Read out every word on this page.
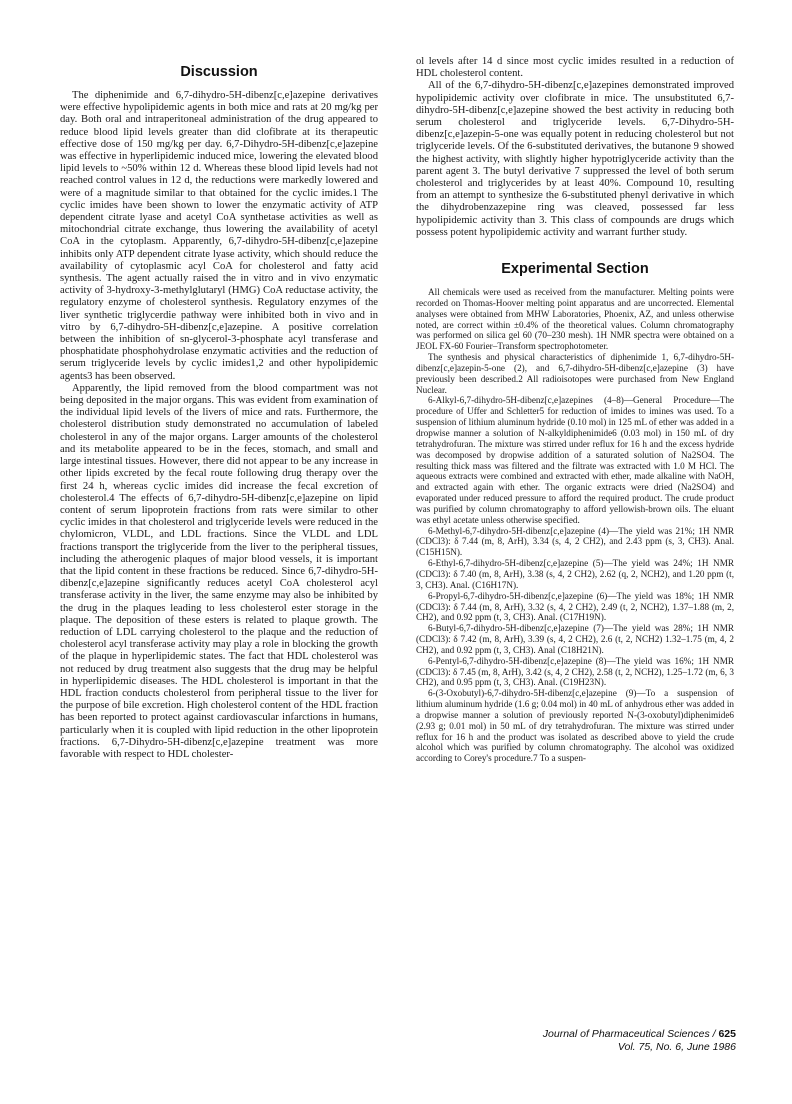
Discussion

The diphenimide and 6,7-dihydro-5H-dibenz[c,e]azepine derivatives were effective hypolipidemic agents in both mice and rats at 20 mg/kg per day. Both oral and intraperitoneal administration of the drug appeared to reduce blood lipid levels greater than did clofibrate at its therapeutic effective dose of 150 mg/kg per day. 6,7-Dihydro-5H-dibenz[c,e]azepine was effective in hyperlipidemic induced mice, lowering the elevated blood lipid levels to ~50% within 12 d. Whereas these blood lipid levels had not reached control values in 12 d, the reductions were markedly lowered and were of a magnitude similar to that obtained for the cyclic imides.1 The cyclic imides have been shown to lower the enzymatic activity of ATP dependent citrate lyase and acetyl CoA synthetase activities as well as mitochondrial citrate exchange, thus lowering the availability of acetyl CoA in the cytoplasm. Apparently, 6,7-dihydro-5H-dibenz[c,e]azepine inhibits only ATP dependent citrate lyase activity, which should reduce the availability of cytoplasmic acyl CoA for cholesterol and fatty acid synthesis. The agent actually raised the in vitro and in vivo enzymatic activity of 3-hydroxy-3-methylglutaryl (HMG) CoA reductase activity, the regulatory enzyme of cholesterol synthesis. Regulatory enzymes of the liver synthetic triglycerdie pathway were inhibited both in vivo and in vitro by 6,7-dihydro-5H-dibenz[c,e]azepine. A positive correlation between the inhibition of sn-glycerol-3-phosphate acyl transferase and phosphatidate phosphohydrolase enzymatic activities and the reduction of serum triglyceride levels by cyclic imides1,2 and other hypolipidemic agents3 has been observed.

Apparently, the lipid removed from the blood compartment was not being deposited in the major organs. This was evident from examination of the individual lipid levels of the livers of mice and rats. Furthermore, the cholesterol distribution study demonstrated no accumulation of labeled cholesterol in any of the major organs. Larger amounts of the cholesterol and its metabolite appeared to be in the feces, stomach, and small and large intestinal tissues. However, there did not appear to be any increase in other lipids excreted by the fecal route following drug therapy over the first 24 h, whereas cyclic imides did increase the fecal excretion of cholesterol.4 The effects of 6,7-dihydro-5H-dibenz[c,e]azepine on lipid content of serum lipoprotein fractions from rats were similar to other cyclic imides in that cholesterol and triglyceride levels were reduced in the chylomicron, VLDL, and LDL fractions. Since the VLDL and LDL fractions transport the triglyceride from the liver to the peripheral tissues, including the atherogenic plaques of major blood vessels, it is important that the lipid content in these fractions be reduced. Since 6,7-dihydro-5H-dibenz[c,e]azepine significantly reduces acetyl CoA cholesterol acyl transferase activity in the liver, the same enzyme may also be inhibited by the drug in the plaques leading to less cholesterol ester storage in the plaque. The deposition of these esters is related to plaque growth. The reduction of LDL carrying cholesterol to the plaque and the reduction of cholesterol acyl transferase activity may play a role in blocking the growth of the plaque in hyperlipidemic states. The fact that HDL cholesterol was not reduced by drug treatment also suggests that the drug may be helpful in hyperlipidemic diseases. The HDL cholesterol is important in that the HDL fraction conducts cholesterol from peripheral tissue to the liver for the purpose of bile excretion. High cholesterol content of the HDL fraction has been reported to protect against cardiovascular infarctions in humans, particularly when it is coupled with lipid reduction in the other lipoprotein fractions. 6,7-Dihydro-5H-dibenz[c,e]azepine treatment was more favorable with respect to HDL cholester-

ol levels after 14 d since most cyclic imides resulted in a reduction of HDL cholesterol content.

All of the 6,7-dihydro-5H-dibenz[c,e]azepines demonstrated improved hypolipidemic activity over clofibrate in mice. The unsubstituted 6,7-dihydro-5H-dibenz[c,e]azepine showed the best activity in reducing both serum cholesterol and triglyceride levels. 6,7-Dihydro-5H-dibenz[c,e]azepin-5-one was equally potent in reducing cholesterol but not triglyceride levels. Of the 6-substituted derivatives, the butanone 9 showed the highest activity, with slightly higher hypotriglyceride activity than the parent agent 3. The butyl derivative 7 suppressed the level of both serum cholesterol and triglycerides by at least 40%. Compound 10, resulting from an attempt to synthesize the 6-substituted phenyl derivative in which the dihydrobenzazepine ring was cleaved, possessed far less hypolipidemic activity than 3. This class of compounds are drugs which possess potent hypolipidemic activity and warrant further study.

Experimental Section

All chemicals were used as received from the manufacturer. Melting points were recorded on Thomas-Hoover melting point apparatus and are uncorrected. Elemental analyses were obtained from MHW Laboratories, Phoenix, AZ, and unless otherwise noted, are correct within ±0.4% of the theoretical values. Column chromatography was performed on silica gel 60 (70–230 mesh). 1H NMR spectra were obtained on a JEOL FX-60 Fourier–Transform spectrophotometer.

The synthesis and physical characteristics of diphenimide 1, 6,7-dihydro-5H-dibenz[c,e]azepin-5-one (2), and 6,7-dihydro-5H-dibenz[c,e]azepine (3) have previously been described.2 All radioisotopes were purchased from New England Nuclear.

6-Alkyl-6,7-dihydro-5H-dibenz[c,e]azepines (4–8)—General Procedure—The procedure of Uffer and Schletter5 for reduction of imides to imines was used. To a suspension of lithium aluminum hydride (0.10 mol) in 125 mL of ether was added in a dropwise manner a solution of N-alkyldiphenimide6 (0.03 mol) in 150 mL of dry tetrahydrofuran. The mixture was stirred under reflux for 16 h and the excess hydride was decomposed by dropwise addition of a saturated solution of Na2SO4. The resulting thick mass was filtered and the filtrate was extracted with 1.0 M HCl. The aqueous extracts were combined and extracted with ether, made alkaline with NaOH, and extracted again with ether. The organic extracts were dried (Na2SO4) and evaporated under reduced pressure to afford the required product. The crude product was purified by column chromatography to afford yellowish-brown oils. The eluant was ethyl acetate unless otherwise specified.

6-Methyl-6,7-dihydro-5H-dibenz[c,e]azepine (4)—The yield was 21%; 1H NMR (CDCl3): δ 7.44 (m, 8, ArH), 3.34 (s, 4, 2 CH2), and 2.43 ppm (s, 3, CH3). Anal. (C15H15N).

6-Ethyl-6,7-dihydro-5H-dibenz[c,e]azepine (5)—The yield was 24%; 1H NMR (CDCl3): δ 7.40 (m, 8, ArH), 3.38 (s, 4, 2 CH2), 2.62 (q, 2, NCH2), and 1.20 ppm (t, 3, CH3). Anal. (C16H17N).

6-Propyl-6,7-dihydro-5H-dibenz[c,e]azepine (6)—The yield was 18%; 1H NMR (CDCl3): δ 7.44 (m, 8, ArH), 3.32 (s, 4, 2 CH2), 2.49 (t, 2, NCH2), 1.37–1.88 (m, 2, CH2), and 0.92 ppm (t, 3, CH3). Anal. (C17H19N).

6-Butyl-6,7-dihydro-5H-dibenz[c,e]azepine (7)—The yield was 28%; 1H NMR (CDCl3): δ 7.42 (m, 8, ArH), 3.39 (s, 4, 2 CH2), 2.6 (t, 2, NCH2) 1.32–1.75 (m, 4, 2 CH2), and 0.92 ppm (t, 3, CH3). Anal (C18H21N).

6-Pentyl-6,7-dihydro-5H-dibenz[c,e]azepine (8)—The yield was 16%; 1H NMR (CDCl3): δ 7.45 (m, 8, ArH), 3.42 (s, 4, 2 CH2), 2.58 (t, 2, NCH2), 1.25–1.72 (m, 6, 3 CH2), and 0.95 ppm (t, 3, CH3). Anal. (C19H23N).

6-(3-Oxobutyl)-6,7-dihydro-5H-dibenz[c,e]azepine (9)—To a suspension of lithium aluminum hydride (1.6 g; 0.04 mol) in 40 mL of anhydrous ether was added in a dropwise manner a solution of previously reported N-(3-oxobutyl)diphenimide6 (2.93 g; 0.01 mol) in 50 mL of dry tetrahydrofuran. The mixture was stirred under reflux for 16 h and the product was isolated as described above to yield the crude alcohol which was purified by column chromatography. The alcohol was oxidized according to Corey's procedure.7 To a suspen-

Journal of Pharmaceutical Sciences / 625
Vol. 75, No. 6, June 1986
